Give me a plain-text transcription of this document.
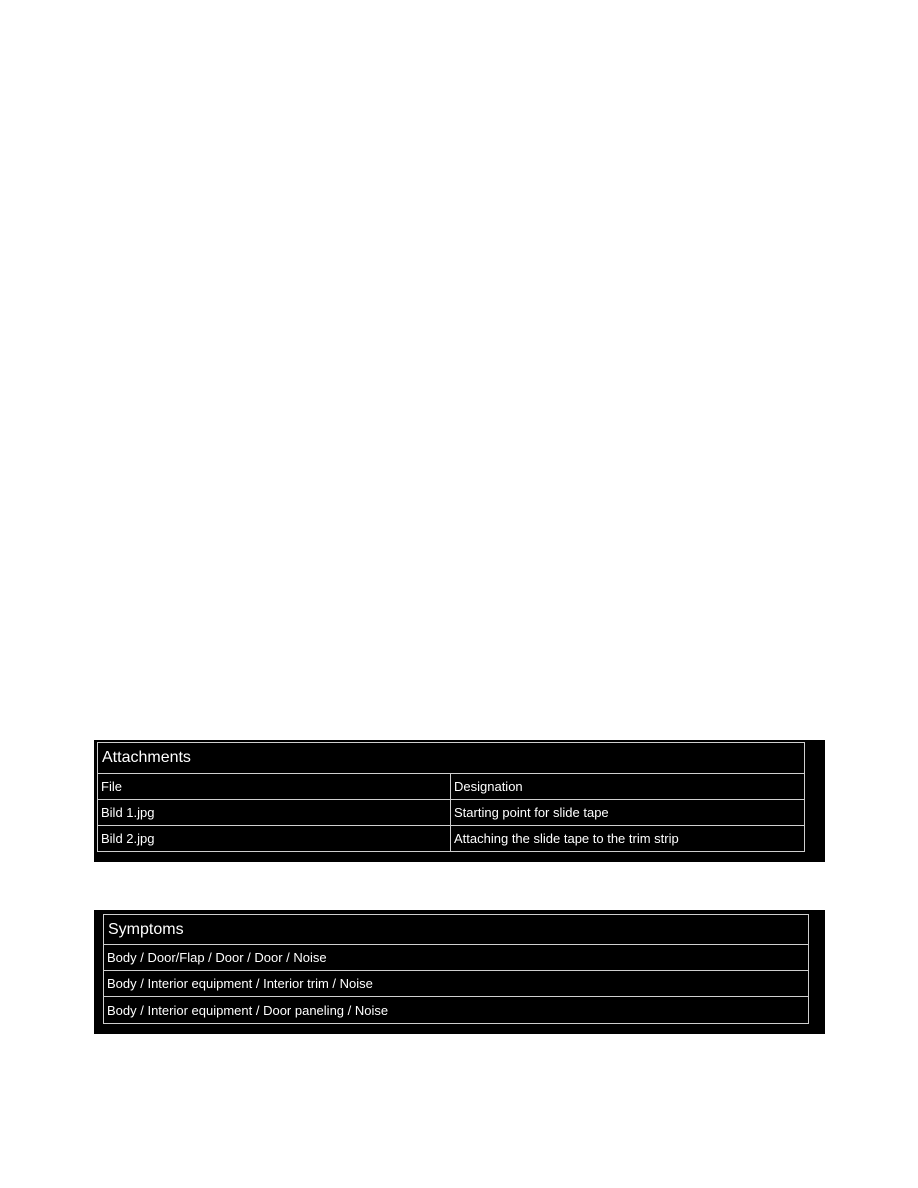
Attachments
File	Designation
Bild 1.jpg	Starting point for slide tape
Bild 2.jpg	Attaching the slide tape to the trim strip
Symptoms
Body / Door/Flap / Door / Door / Noise
Body / Interior equipment / Interior trim / Noise
Body / Interior equipment / Door paneling / Noise
